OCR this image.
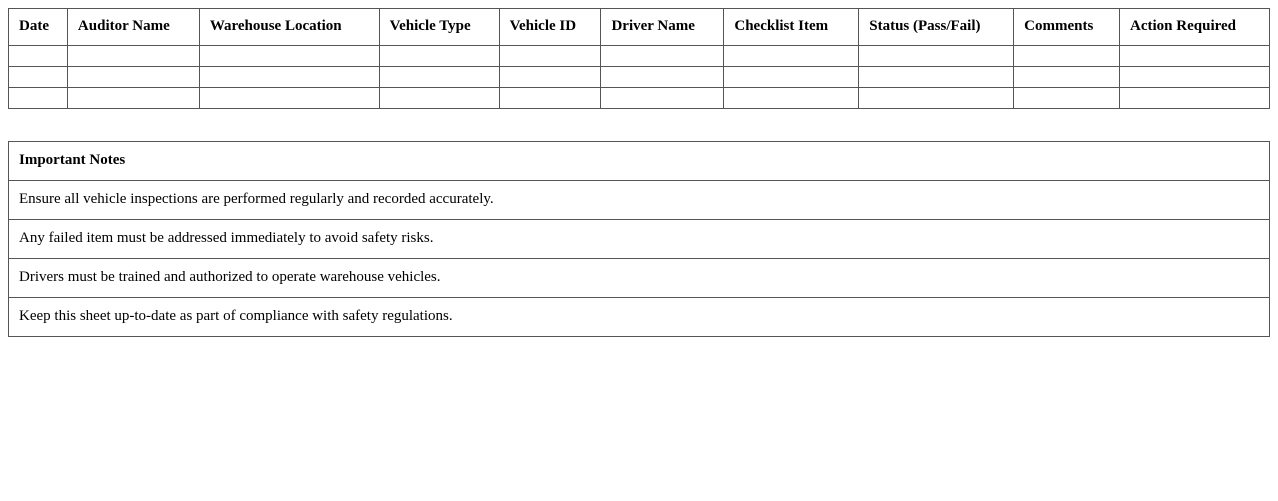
Date	Auditor Name	Warehouse Location	Vehicle Type	Vehicle ID	Driver Name	Checklist Item	Status (Pass/Fail)	Comments	Action Required

Important Notes
Ensure all vehicle inspections are performed regularly and recorded accurately.
Any failed item must be addressed immediately to avoid safety risks.
Drivers must be trained and authorized to operate warehouse vehicles.
Keep this sheet up-to-date as part of compliance with safety regulations.
